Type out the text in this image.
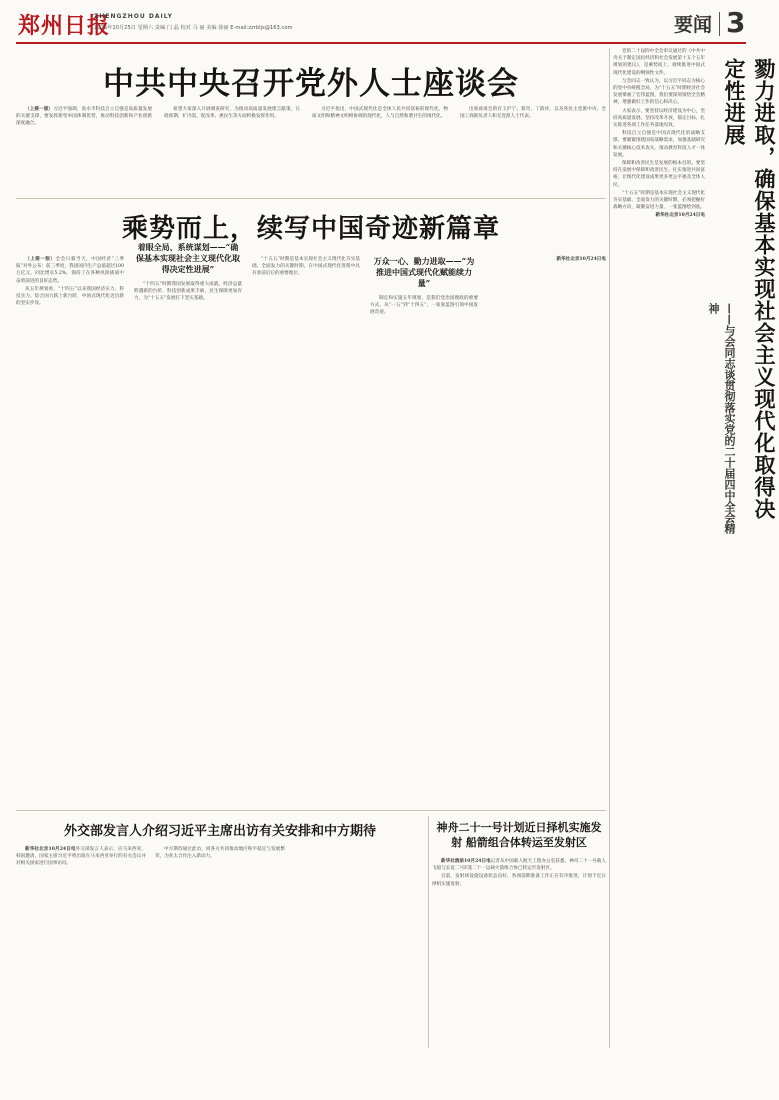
郑州日报
ZHENGZHOU DAILY
2025年10月25日 星期六 责编 门 晶 校对 马 丽 美编 徐丽 E-mail:zzrbljs@163.com	要闻 3
中共中央召开党外人士座谈会

（上接一版）习近平强调，高水平科技自立自强是高质量发展的关键支撑，要发挥新型举国体制优势，推动科技创新和产业创新深度融合。

希望大家深入开展调查研究，为推动高质量发展建言献策，在稳预期、扩内需、促改革、惠民生等方面积极发挥作用。

习近平指出，中国式现代化是全体人民共同富裕的现代化，物质文明和精神文明相协调的现代化，人与自然和谐共生的现代化。

出席座谈会的有王沪宁、蔡奇、丁薛祥，以及各民主党派中央、全国工商联负责人和无党派人士代表。

党的二十届四中全会审议通过的《中共中央关于制定国民经济和社会发展第十五个五年规划的建议》，是乘势而上、接续推进中国式现代化建设的纲领性文件。

与会同志一致认为，以习近平同志为核心的党中央统揽全局，为“十五五”时期经济社会发展擘画了宏伟蓝图，我们要深刻领悟全会精神，增强做好工作的信心和决心。

大家表示，要坚持以经济建设为中心，坚持高质量发展，坚持改革开放，锚定目标，扎实推进各项工作任务落地见效。

科技自立自强是中国式现代化的战略支撑。要紧紧围绕国家战略需求，加强基础研究和关键核心技术攻关，推动教育科技人才一体发展。

保障和改善民生是发展的根本目的。要坚持在发展中保障和改善民生，扎实推进共同富裕，让现代化建设成果更多更公平惠及全体人民。

“十五五”时期是基本实现社会主义现代化夯实基础、全面发力的关键时期，必须把握好战略方向，凝聚奋进力量，一张蓝图绘到底。

新华社北京10月24日电	勠力进取，确保基本实现社会主义现代化取得决定性进展
——与会同志谈贯彻落实党的二十届四中全会精神
乘势而上，续写中国奇迹新篇章

（上接一版）全会日暮当天，中国经济“三季报”对外公布：前三季度，我国国内生产总值超过100万亿元，同比增长5.2%，保持了在各种风险挑战中奋勇前进的良好态势。

从五年规划看，“十四五”以来我国经济实力、科技实力、综合国力跃上新台阶，中国式现代化迈出新的坚实步伐。

着眼全局、系统谋划——“确保基本实现社会主义现代化取得决定性进展”

“十四五”时期我国发展取得重大成就，经济总量跨越新的台阶，科技创新成果丰硕，民生保障更加有力，为“十五五”发展打下坚实基础。

“十五五”时期是基本实现社会主义现代化夯实基础、全面发力的关键时期，在中国式现代化进程中具有承前启后的重要地位。

万众一心、勤力进取——“为推进中国式现代化赋能续力量”

制定和实施五年规划，是我们党治国理政的重要方式。从“一五”到“十四五”，一张张蓝图引领中国发展奇迹。

新华社北京10月24日电

外交部发言人介绍习近平主席出访有关安排和中方期待

新华社北京10月24日电外交部发言人表示，应马来西亚、韩国邀请，国家主席习近平将出席在马来西亚举行的有关会议并对相关国家进行国事访问。

中方期待通过此访，同各方共同推动地区和平稳定与发展繁荣，为亚太合作注入新动力。

神舟二十一号计划近日择机实施发射 船箭组合体转运至发射区

新华社酒泉10月24日电记者从中国载人航天工程办公室获悉，神舟二十一号载人飞船与长征二号F遥二十一运载火箭组合体已转运至发射区。

目前，发射场设施设备状态良好，各项前期准备工作正在有序推进，计划于近日择机实施发射。
